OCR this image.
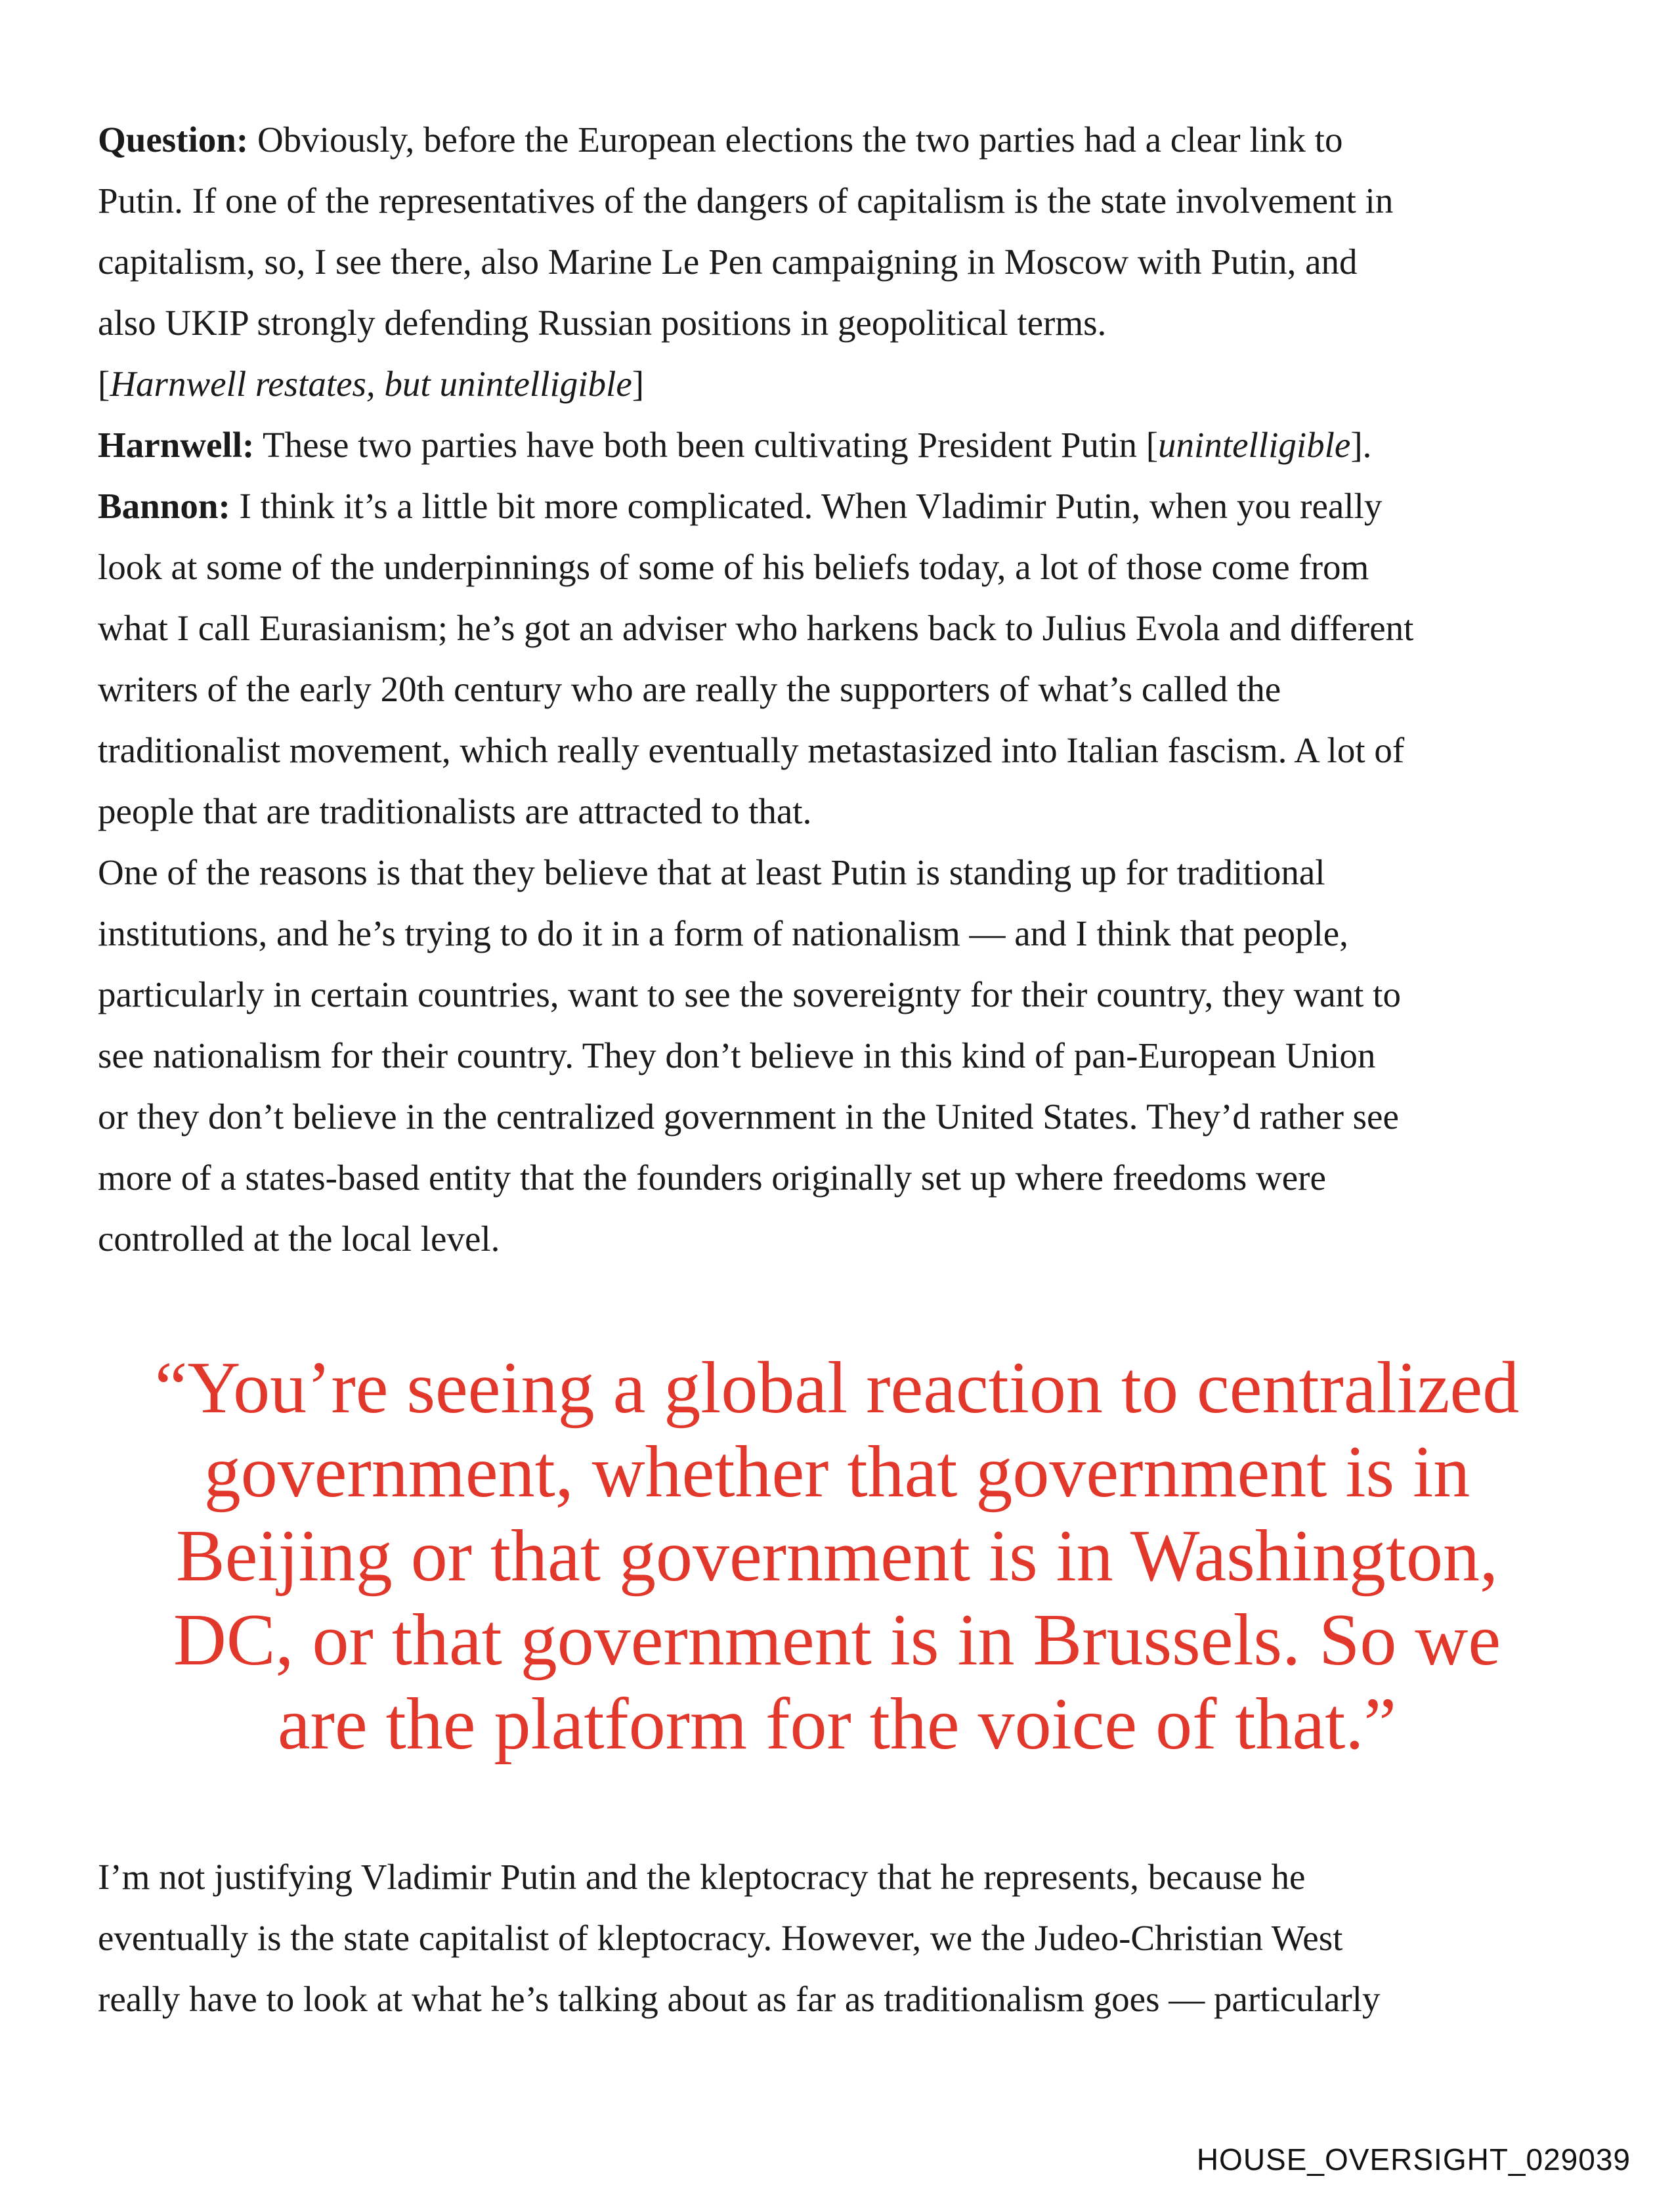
Question: Obviously, before the European elections the two parties had a clear link to
Putin. If one of the representatives of the dangers of capitalism is the state involvement in
capitalism, so, I see there, also Marine Le Pen campaigning in Moscow with Putin, and
also UKIP strongly defending Russian positions in geopolitical terms.
[Harnwell restates, but unintelligible]
Harnwell: These two parties have both been cultivating President Putin [unintelligible].
Bannon: I think it’s a little bit more complicated. When Vladimir Putin, when you really
look at some of the underpinnings of some of his beliefs today, a lot of those come from
what I call Eurasianism; he’s got an adviser who harkens back to Julius Evola and different
writers of the early 20th century who are really the supporters of what’s called the
traditionalist movement, which really eventually metastasized into Italian fascism. A lot of
people that are traditionalists are attracted to that.
One of the reasons is that they believe that at least Putin is standing up for traditional
institutions, and he’s trying to do it in a form of nationalism — and I think that people,
particularly in certain countries, want to see the sovereignty for their country, they want to
see nationalism for their country. They don’t believe in this kind of pan-European Union
or they don’t believe in the centralized government in the United States. They’d rather see
more of a states-based entity that the founders originally set up where freedoms were
controlled at the local level.
“You’re seeing a global reaction to centralized
government, whether that government is in
Beijing or that government is in Washington,
DC, or that government is in Brussels. So we
are the platform for the voice of that.”
I’m not justifying Vladimir Putin and the kleptocracy that he represents, because he
eventually is the state capitalist of kleptocracy. However, we the Judeo-Christian West
really have to look at what he’s talking about as far as traditionalism goes — particularly
HOUSE_OVERSIGHT_029039
